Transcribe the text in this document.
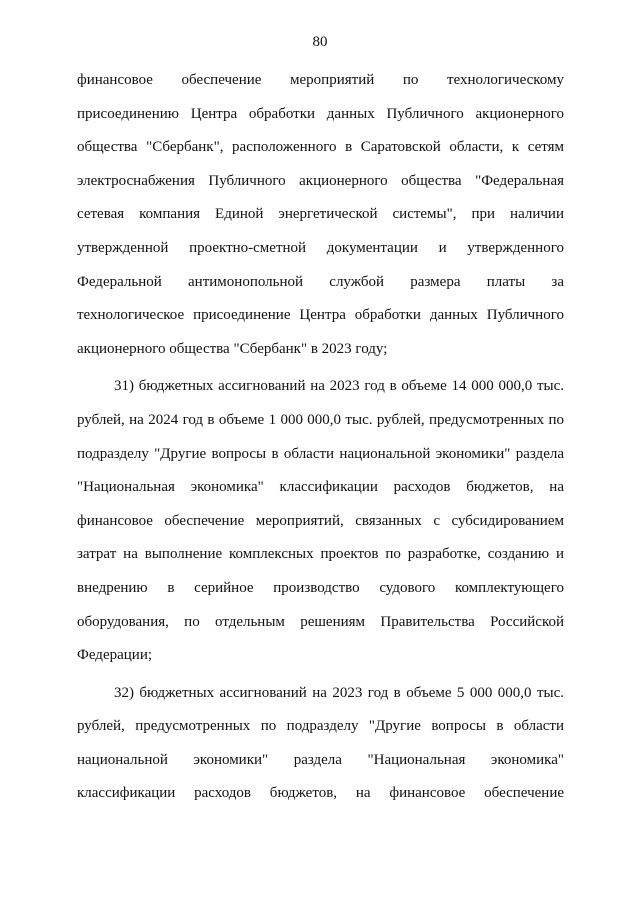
80
финансовое обеспечение мероприятий по технологическому
присоединению Центра обработки данных Публичного акционерного
общества "Сбербанк", расположенного в Саратовской области, к сетям
электроснабжения Публичного акционерного общества "Федеральная
сетевая компания Единой энергетической системы", при наличии
утвержденной проектно-сметной документации и утвержденного
Федеральной антимонопольной службой размера платы за
технологическое присоединение Центра обработки данных Публичного
акционерного общества "Сбербанк" в 2023 году;
31) бюджетных ассигнований на 2023 год в объеме 14 000 000,0 тыс.
рублей, на 2024 год в объеме 1 000 000,0 тыс. рублей, предусмотренных по
подразделу "Другие вопросы в области национальной экономики" раздела
"Национальная экономика" классификации расходов бюджетов, на
финансовое обеспечение мероприятий, связанных с субсидированием
затрат на выполнение комплексных проектов по разработке, созданию и
внедрению в серийное производство судового комплектующего
оборудования, по отдельным решениям Правительства Российской
Федерации;
32) бюджетных ассигнований на 2023 год в объеме 5 000 000,0 тыс.
рублей, предусмотренных по подразделу "Другие вопросы в области
национальной экономики" раздела "Национальная экономика"
классификации расходов бюджетов, на финансовое обеспечение
